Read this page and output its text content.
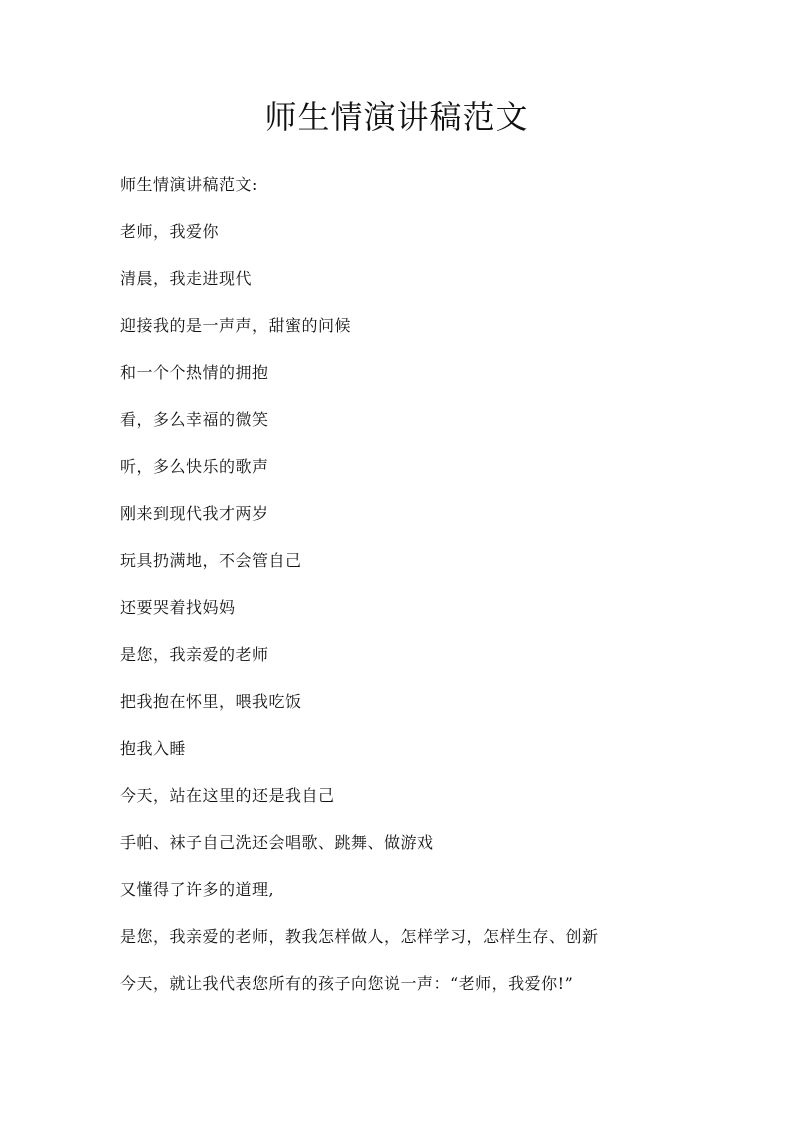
师生情演讲稿范文
师生情演讲稿范文:
老师，我爱你
清晨，我走进现代
迎接我的是一声声，甜蜜的问候
和一个个热情的拥抱
看，多么幸福的微笑
听，多么快乐的歌声
刚来到现代我才两岁
玩具扔满地，不会管自己
还要哭着找妈妈
是您，我亲爱的老师
把我抱在怀里，喂我吃饭
抱我入睡
今天，站在这里的还是我自己
手帕、袜子自己洗还会唱歌、跳舞、做游戏
又懂得了许多的道理,
是您，我亲爱的老师，教我怎样做人，怎样学习，怎样生存、创新
今天，就让我代表您所有的孩子向您说一声：“老师，我爱你!”
